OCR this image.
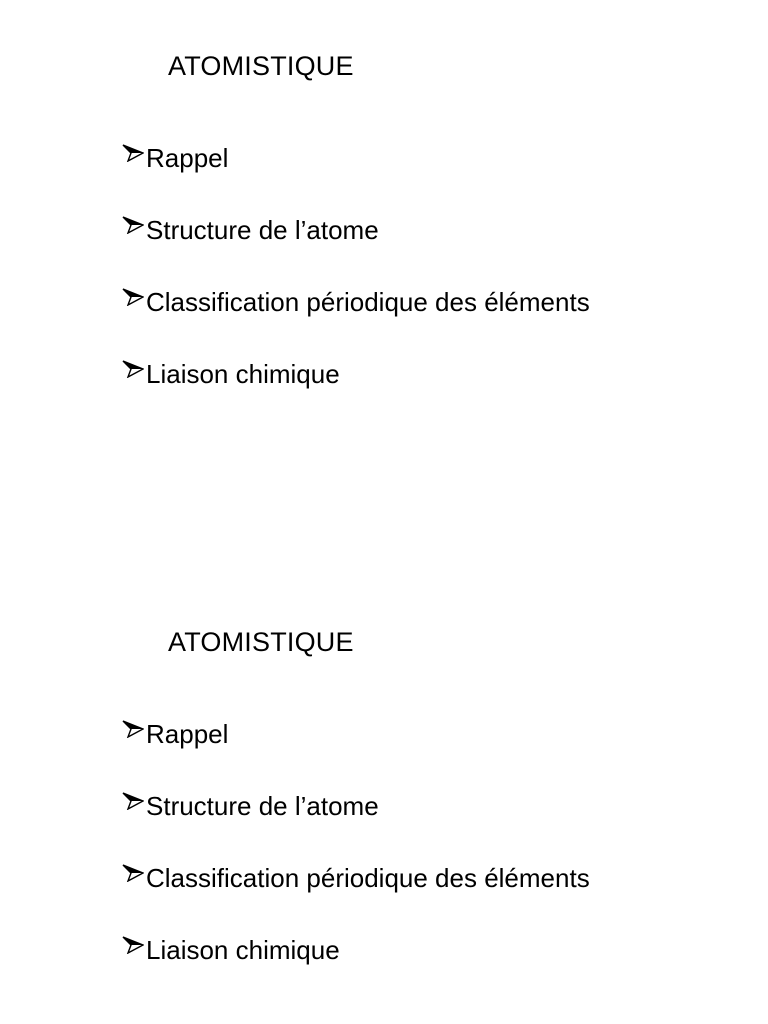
ATOMISTIQUE
Rappel
Structure de l’atome
Classification périodique des éléments
Liaison chimique
ATOMISTIQUE
Rappel
Structure de l’atome
Classification périodique des éléments
Liaison chimique
